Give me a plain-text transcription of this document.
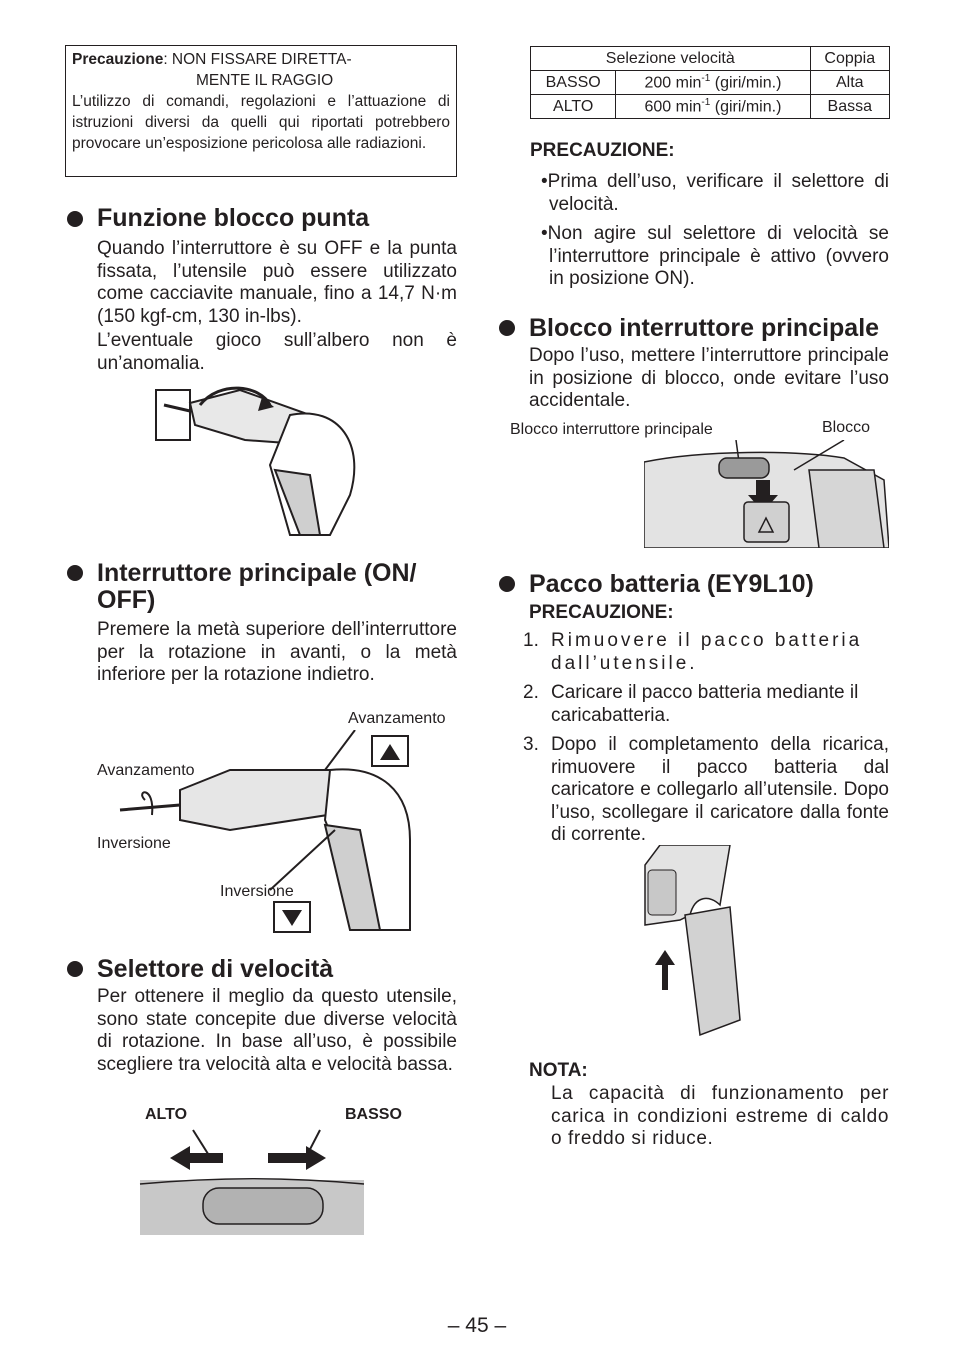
Precauzione: NON FISSARE DIRETTA-
MENTE IL RAGGIO
L’utilizzo di comandi, regolazioni e l’attuazione di istruzioni diversi da quelli qui riportati potrebbero provocare un’esposizione pericolosa alle radiazioni.
Funzione blocco punta
Quando l’interruttore è su OFF e la punta fissata, l’utensile può essere utilizzato come cacciavite manuale, fino a 14,7 N·m (150 kgf-cm, 130 in-lbs).
L’eventuale gioco sull’albero non è un’anomalia.
Interruttore principale (ON/
OFF)
Premere la metà superiore dell’interruttore per la rotazione in avanti, o la metà inferiore per la rotazione indietro.
Avanzamento
Avanzamento
Inversione
Inversione
Selettore di velocità
Per ottenere il meglio da questo utensile, sono state concepite due diverse velocità di rotazione. In base all’uso, è possibile scegliere tra velocità alta e velocità bassa.
ALTO	BASSO
Selezione velocità		Coppia
BASSO	200 $\min^{-1}$ (giri/min.)	Alta
ALTO	600 $\min^{-1}$ (giri/min.)	Bassa
PRECAUZIONE:
•Prima dell’uso, verificare il selettore di velocità.
•Non agire sul selettore di velocità se l’interruttore principale è attivo (ovvero in posizione ON).
Blocco interruttore principale
Dopo l’uso, mettere l’interruttore principale in posizione di blocco, onde evitare l’uso accidentale.
Blocco interruttore principale	Blocco
Pacco batteria (EY9L10)
PRECAUZIONE:
1. Rimuovere il pacco batteria dall’utensile.
2. Caricare il pacco batteria mediante il caricabatteria.
3. Dopo il completamento della ricarica, rimuovere il pacco batteria dal caricatore e collegarlo all’utensile. Dopo l’uso, scollegare il caricatore dalla fonte di corrente.
NOTA:
La capacità di funzionamento per carica in condizioni estreme di caldo o freddo si riduce.
– 45 –
